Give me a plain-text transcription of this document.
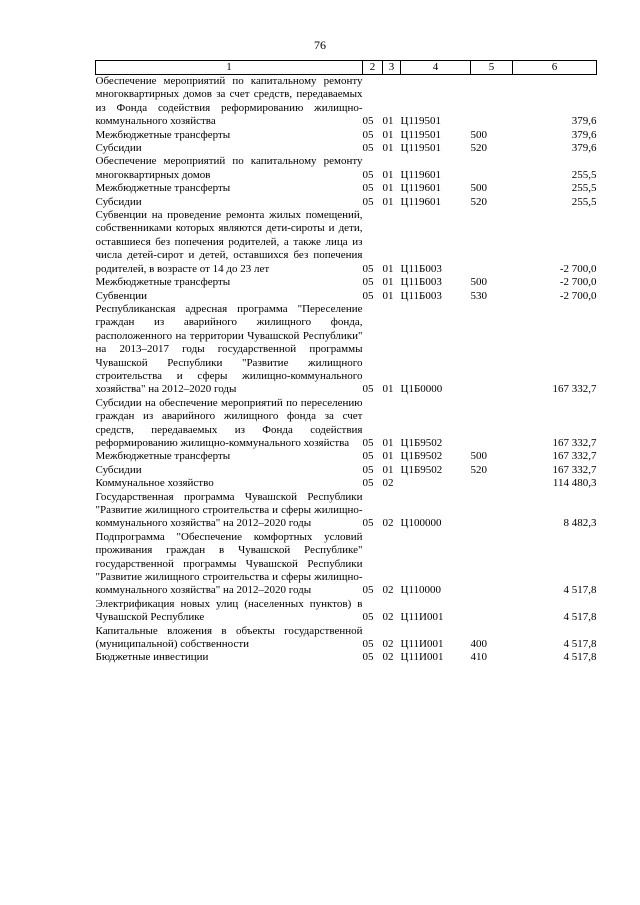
76
1	2	3	4	5	6
Обеспечение мероприятий по капитальному ремонту многоквартирных домов за счет средств, передаваемых из Фонда содействия реформированию жилищно-коммунального хозяйства	05	01	Ц119501		379,6
Межбюджетные трансферты	05	01	Ц119501	500	379,6
Субсидии	05	01	Ц119501	520	379,6
Обеспечение мероприятий по капитальному ремонту многоквартирных домов	05	01	Ц119601		255,5
Межбюджетные трансферты	05	01	Ц119601	500	255,5
Субсидии	05	01	Ц119601	520	255,5
Субвенции на проведение ремонта жилых помещений, собственниками которых являются дети-сироты и дети, оставшиеся без попечения родителей, а также лица из числа детей-сирот и детей, оставшихся без попечения родителей, в возрасте от 14 до 23 лет	05	01	Ц11Б003		-2 700,0
Межбюджетные трансферты	05	01	Ц11Б003	500	-2 700,0
Субвенции	05	01	Ц11Б003	530	-2 700,0
Республиканская адресная программа "Переселение граждан из аварийного жилищного фонда, расположенного на территории Чувашской Республики" на 2013–2017 годы государственной программы Чувашской Республики "Развитие жилищного строительства и сферы жилищно-коммунального хозяйства" на 2012–2020 годы	05	01	Ц1Б0000		167 332,7
Субсидии на обеспечение мероприятий по переселению граждан из аварийного жилищного фонда за счет средств, передаваемых из Фонда содействия реформированию жилищно-коммунального хозяйства	05	01	Ц1Б9502		167 332,7
Межбюджетные трансферты	05	01	Ц1Б9502	500	167 332,7
Субсидии	05	01	Ц1Б9502	520	167 332,7
Коммунальное хозяйство	05	02			114 480,3
Государственная программа Чувашской Республики "Развитие жилищного строительства и сферы жилищно-коммунального хозяйства" на 2012–2020 годы	05	02	Ц100000		8 482,3
Подпрограмма "Обеспечение комфортных условий проживания граждан в Чувашской Республике" государственной программы Чувашской Республики "Развитие жилищного строительства и сферы жилищно-коммунального хозяйства" на 2012–2020 годы	05	02	Ц110000		4 517,8
Электрификация новых улиц (населенных пунктов) в Чувашской Республике	05	02	Ц11И001		4 517,8
Капитальные вложения в объекты государственной (муниципальной) собственности	05	02	Ц11И001	400	4 517,8
Бюджетные инвестиции	05	02	Ц11И001	410	4 517,8
